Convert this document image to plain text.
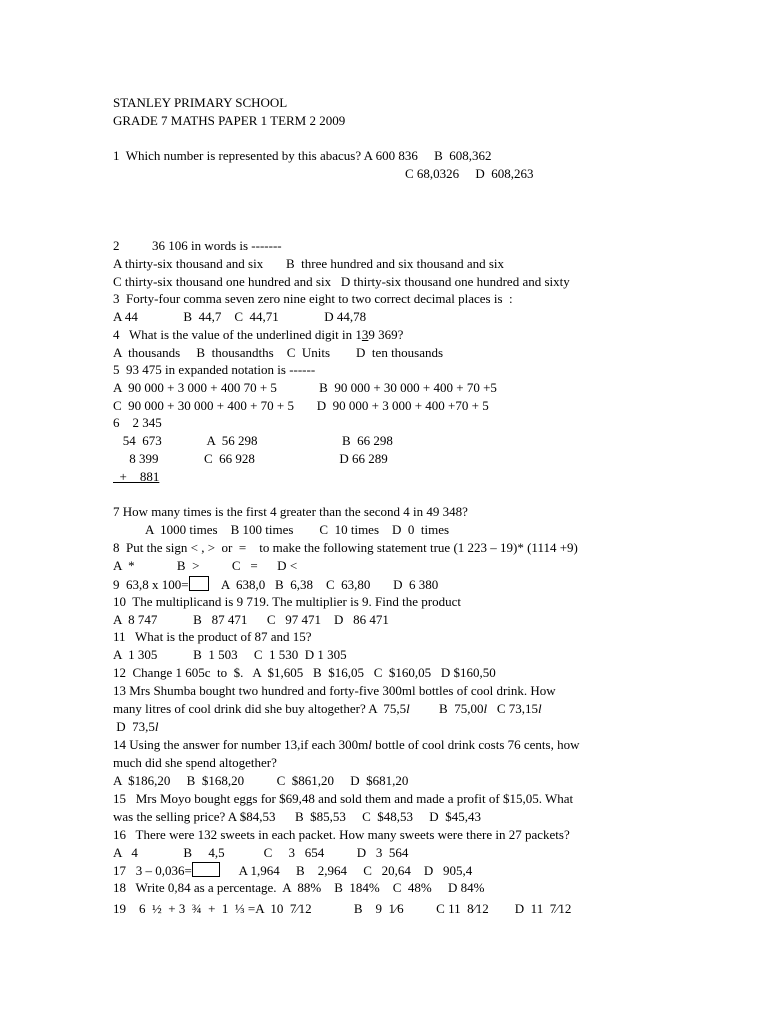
STANLEY PRIMARY SCHOOL
GRADE 7 MATHS PAPER 1 TERM 2 2009
1  Which number is represented by this abacus? A 600 836     B  608,362
C 68,0326     D  608,263
2          36 106 in words is -------
A thirty-six thousand and six       B  three hundred and six thousand and six
C thirty-six thousand one hundred and six   D thirty-six thousand one hundred and sixty
3  Forty-four comma seven zero nine eight to two correct decimal places is  :
A 44              B  44,7    C  44,71              D 44,78
4   What is the value of the underlined digit in 139 369?
A  thousands     B  thousandths    C  Units        D  ten thousands
5  93 475 in expanded notation is ------
A  90 000 + 3 000 + 400 70 + 5             B  90 000 + 30 000 + 400 + 70 +5
C  90 000 + 30 000 + 400 + 70 + 5       D  90 000 + 3 000 + 400 +70 + 5
6    2 345
54  673              A  56 298                          B  66 298
8 399              C  66 928                          D 66 289
+    881
7 How many times is the first 4 greater than the second 4 in 49 348?
A  1000 times    B 100 times        C  10 times    D  0  times
8  Put the sign < , >  or  =    to make the following statement true (1 223 – 19)* (1114 +9)
A  *             B  >          C   =      D <
9  63,8 x 100=    A  638,0   B  6,38    C  63,80       D  6 380
10  The multiplicand is 9 719. The multiplier is 9. Find the product
A  8 747           B   87 471      C   97 471    D   86 471
11   What is the product of 87 and 15?
A  1 305           B  1 503     C  1 530  D 1 305
12  Change 1 605c  to  $.   A  $1,605   B  $16,05   C  $160,05   D $160,50
13 Mrs Shumba bought two hundred and forty-five 300ml bottles of cool drink. How
many litres of cool drink did she buy altogether? A  75,5l         B  75,00l   C 73,15l
D  73,5l
14 Using the answer for number 13,if each 300ml bottle of cool drink costs 76 cents, how
much did she spend altogether?
A  $186,20     B  $168,20          C  $861,20     D  $681,20
15   Mrs Moyo bought eggs for $69,48 and sold them and made a profit of $15,05. What
was the selling price? A $84,53      B  $85,53     C  $48,53     D  $45,43
16   There were 132 sweets in each packet. How many sweets were there in 27 packets?
A   4              B     4,5            C     3   654          D   3  564
17   3 – 0,036=      A 1,964     B    2,964     C   20,64    D   905,4
18   Write 0,84 as a percentage.  A  88%    B  184%    C  48%     D 84%
19    6  ½  + 3  ¾  +  1  ⅓ =A  10  7⁄12             B    9  1⁄6          C 11  8⁄12        D  11  7⁄12
